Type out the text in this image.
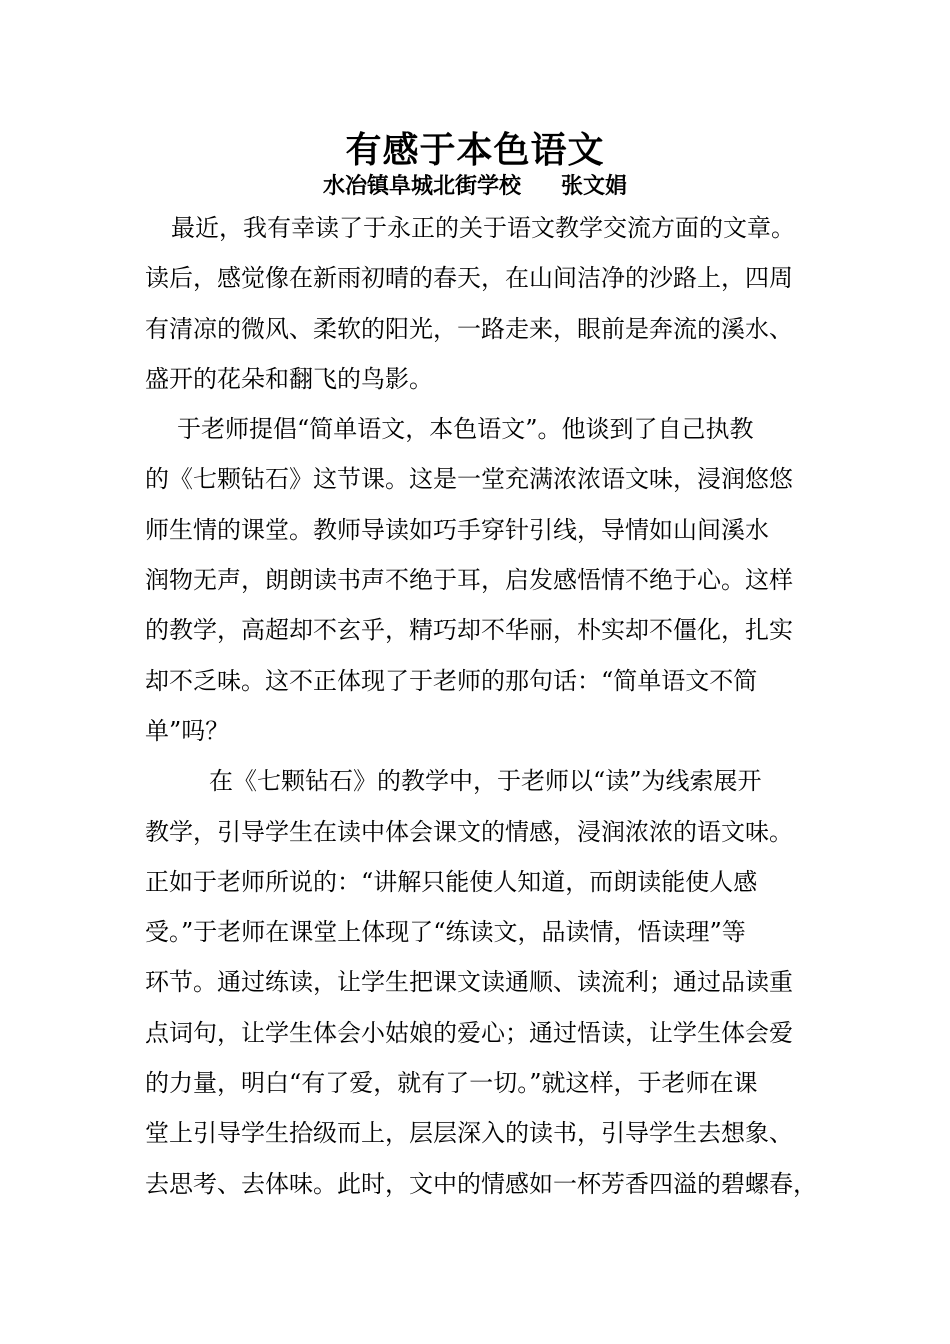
有感于本色语文
水冶镇阜城北街学校 张文娟

最近，我有幸读了于永正的关于语文教学交流方面的文章。
读后，感觉像在新雨初晴的春天，在山间洁净的沙路上，四周
有清凉的微风、柔软的阳光，一路走来，眼前是奔流的溪水、
盛开的花朵和翻飞的鸟影。

于老师提倡“简单语文，本色语文”。他谈到了自己执教
的《七颗钻石》这节课。这是一堂充满浓浓语文味，浸润悠悠
师生情的课堂。教师导读如巧手穿针引线，导情如山间溪水
润物无声，朗朗读书声不绝于耳，启发感悟情不绝于心。这样
的教学，高超却不玄乎，精巧却不华丽，朴实却不僵化，扎实
却不乏味。这不正体现了于老师的那句话：“简单语文不简
单”吗？

在《七颗钻石》的教学中，于老师以“读”为线索展开
教学，引导学生在读中体会课文的情感，浸润浓浓的语文味。
正如于老师所说的：“讲解只能使人知道，而朗读能使人感
受。”于老师在课堂上体现了“练读文，品读情，悟读理”等
环节。通过练读，让学生把课文读通顺、读流利；通过品读重
点词句，让学生体会小姑娘的爱心；通过悟读，让学生体会爱
的力量，明白“有了爱，就有了一切。”就这样，于老师在课
堂上引导学生拾级而上，层层深入的读书，引导学生去想象、
去思考、去体味。此时，文中的情感如一杯芳香四溢的碧螺春，
